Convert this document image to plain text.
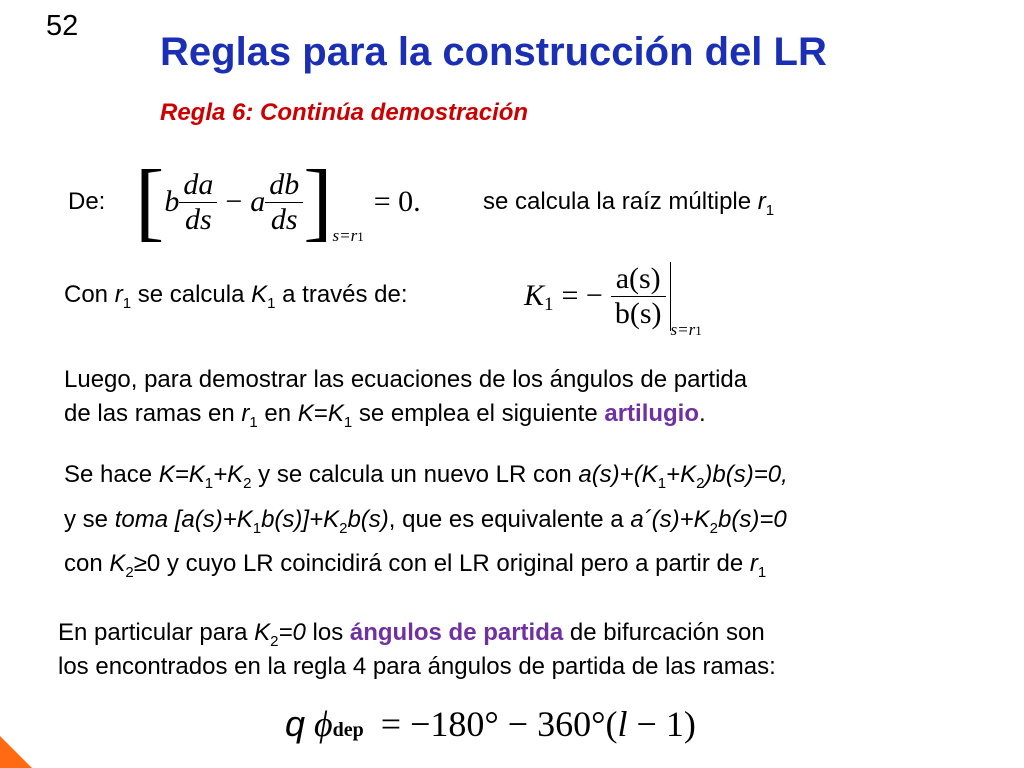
52
Reglas para la construcción del LR
Regla 6: Continúa demostración
De: [ b $\frac{da}{ds} - a \frac{db}{ds}$ ] s=r1
= 0.	se calcula la raíz múltiple $r_1$
Con $r_1$ se calcula $K_1$ a través de:	K 1 = − $\frac{a(s)}{b(s)} s=r1$
Luego, para demostrar las ecuaciones de los ángulos de partida
de las ramas en $r_1$ en $K=K_1$ se emplea el siguiente artilugio.
Se hace $K=K_1+K_2$ y se calcula un nuevo LR con $a(s)+(K_1+K_2)b(s)=0$,
y se toma $[a(s)+K_1b(s)]+K_2b(s)$, que es equivalente a $a´(s)+K_2b(s)=0$
con $K_2\ge 0$ y cuyo LR coincidirá con el LR original pero a partir de $r_1$
En particular para $K_2=0$ los ángulos de partida de bifurcación son
los encontrados en la regla 4 para ángulos de partida de las ramas:
q ϕdep = −180° − 360°(l − 1)
